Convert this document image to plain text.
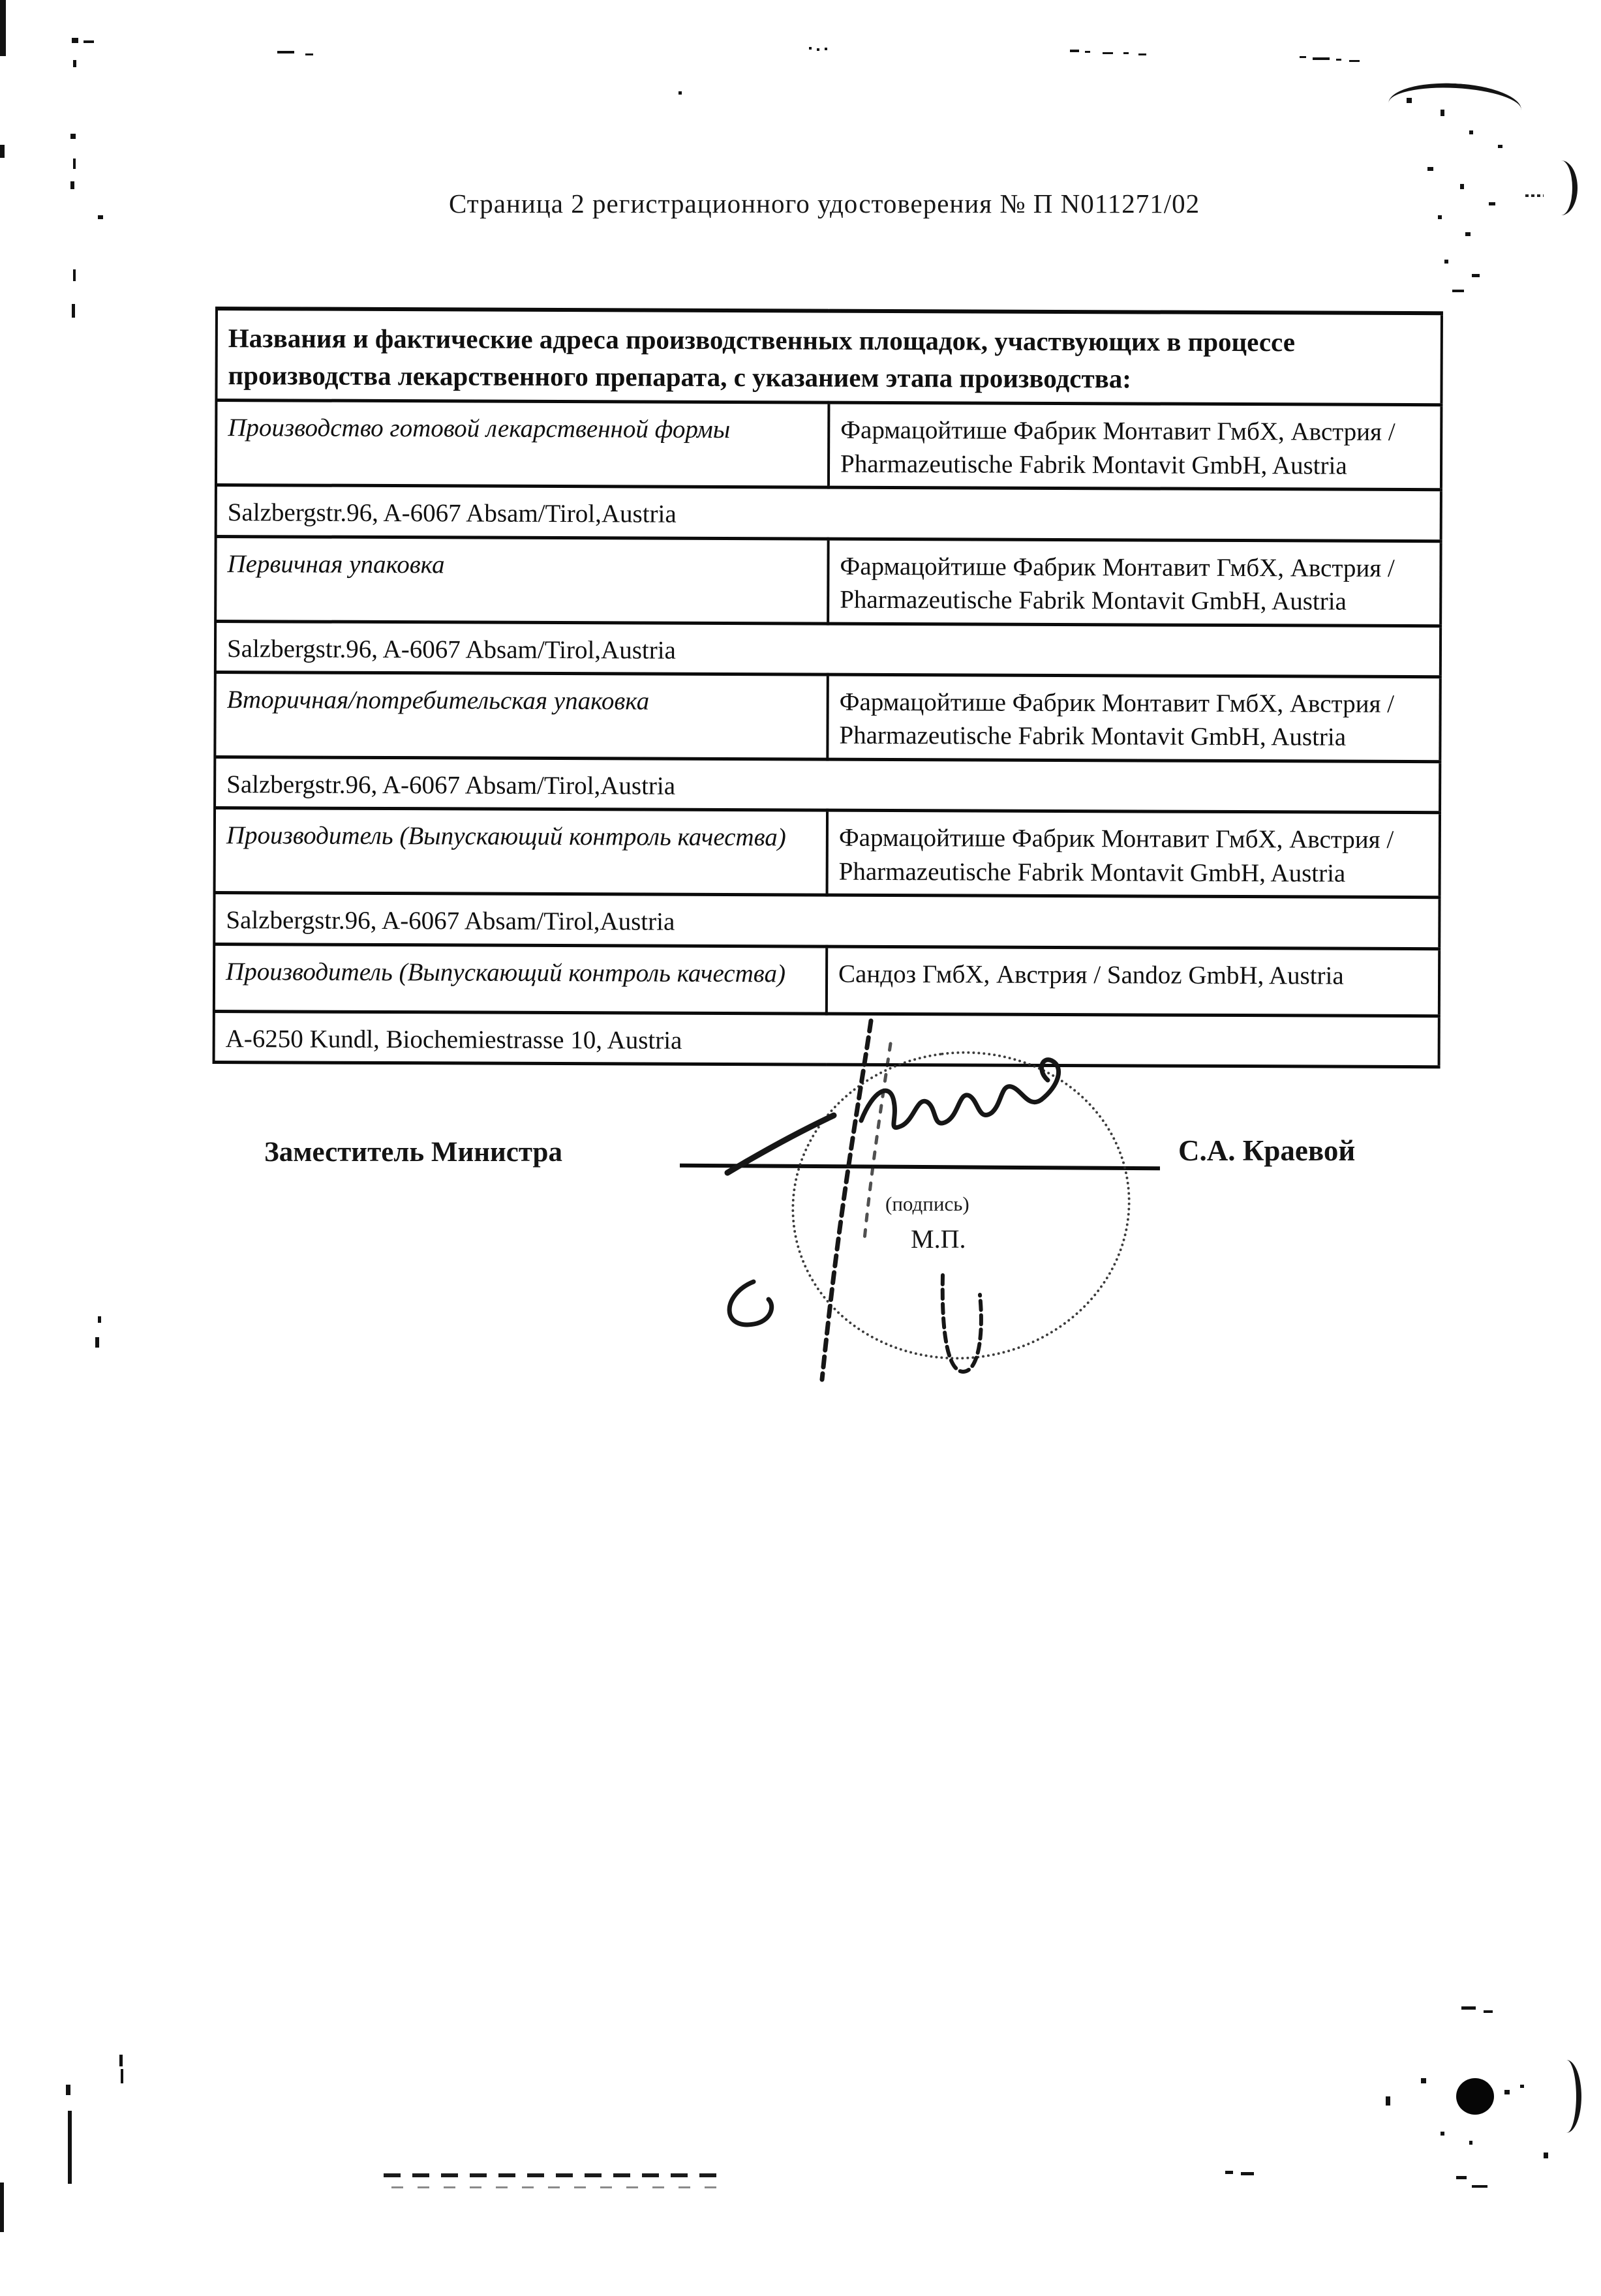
Страница 2 регистрационного удостоверения № П N011271/02
Названия и фактические адреса производственных площадок, участвующих в процессе производства лекарственного препарата, с указанием этапа производства:	
Производство готовой лекарственной формы	Фармацойтише Фабрик Монтавит ГмбХ, Австрия /
Pharmazeutische Fabrik Montavit GmbH, Austria

Salzbergstr.96, A-6067 Absam/Tirol,Austria	
Первичная упаковка	Фармацойтише Фабрик Монтавит ГмбХ, Австрия /
Pharmazeutische Fabrik Montavit GmbH, Austria

Salzbergstr.96, A-6067 Absam/Tirol,Austria	
Вторичная/потребительская упаковка	Фармацойтише Фабрик Монтавит ГмбХ, Австрия /
Pharmazeutische Fabrik Montavit GmbH, Austria

Salzbergstr.96, A-6067 Absam/Tirol,Austria	
Производитель (Выпускающий контроль качества)	Фармацойтише Фабрик Монтавит ГмбХ, Австрия /
Pharmazeutische Fabrik Montavit GmbH, Austria

Salzbergstr.96, A-6067 Absam/Tirol,Austria	
Производитель (Выпускающий контроль качества)	Сандоз ГмбХ, Австрия / Sandoz GmbH, Austria

A-6250 Kundl, Biochemiestrasse 10, Austria	
Заместитель Министра	С.А. Краевой
(подпись)
М.П.
